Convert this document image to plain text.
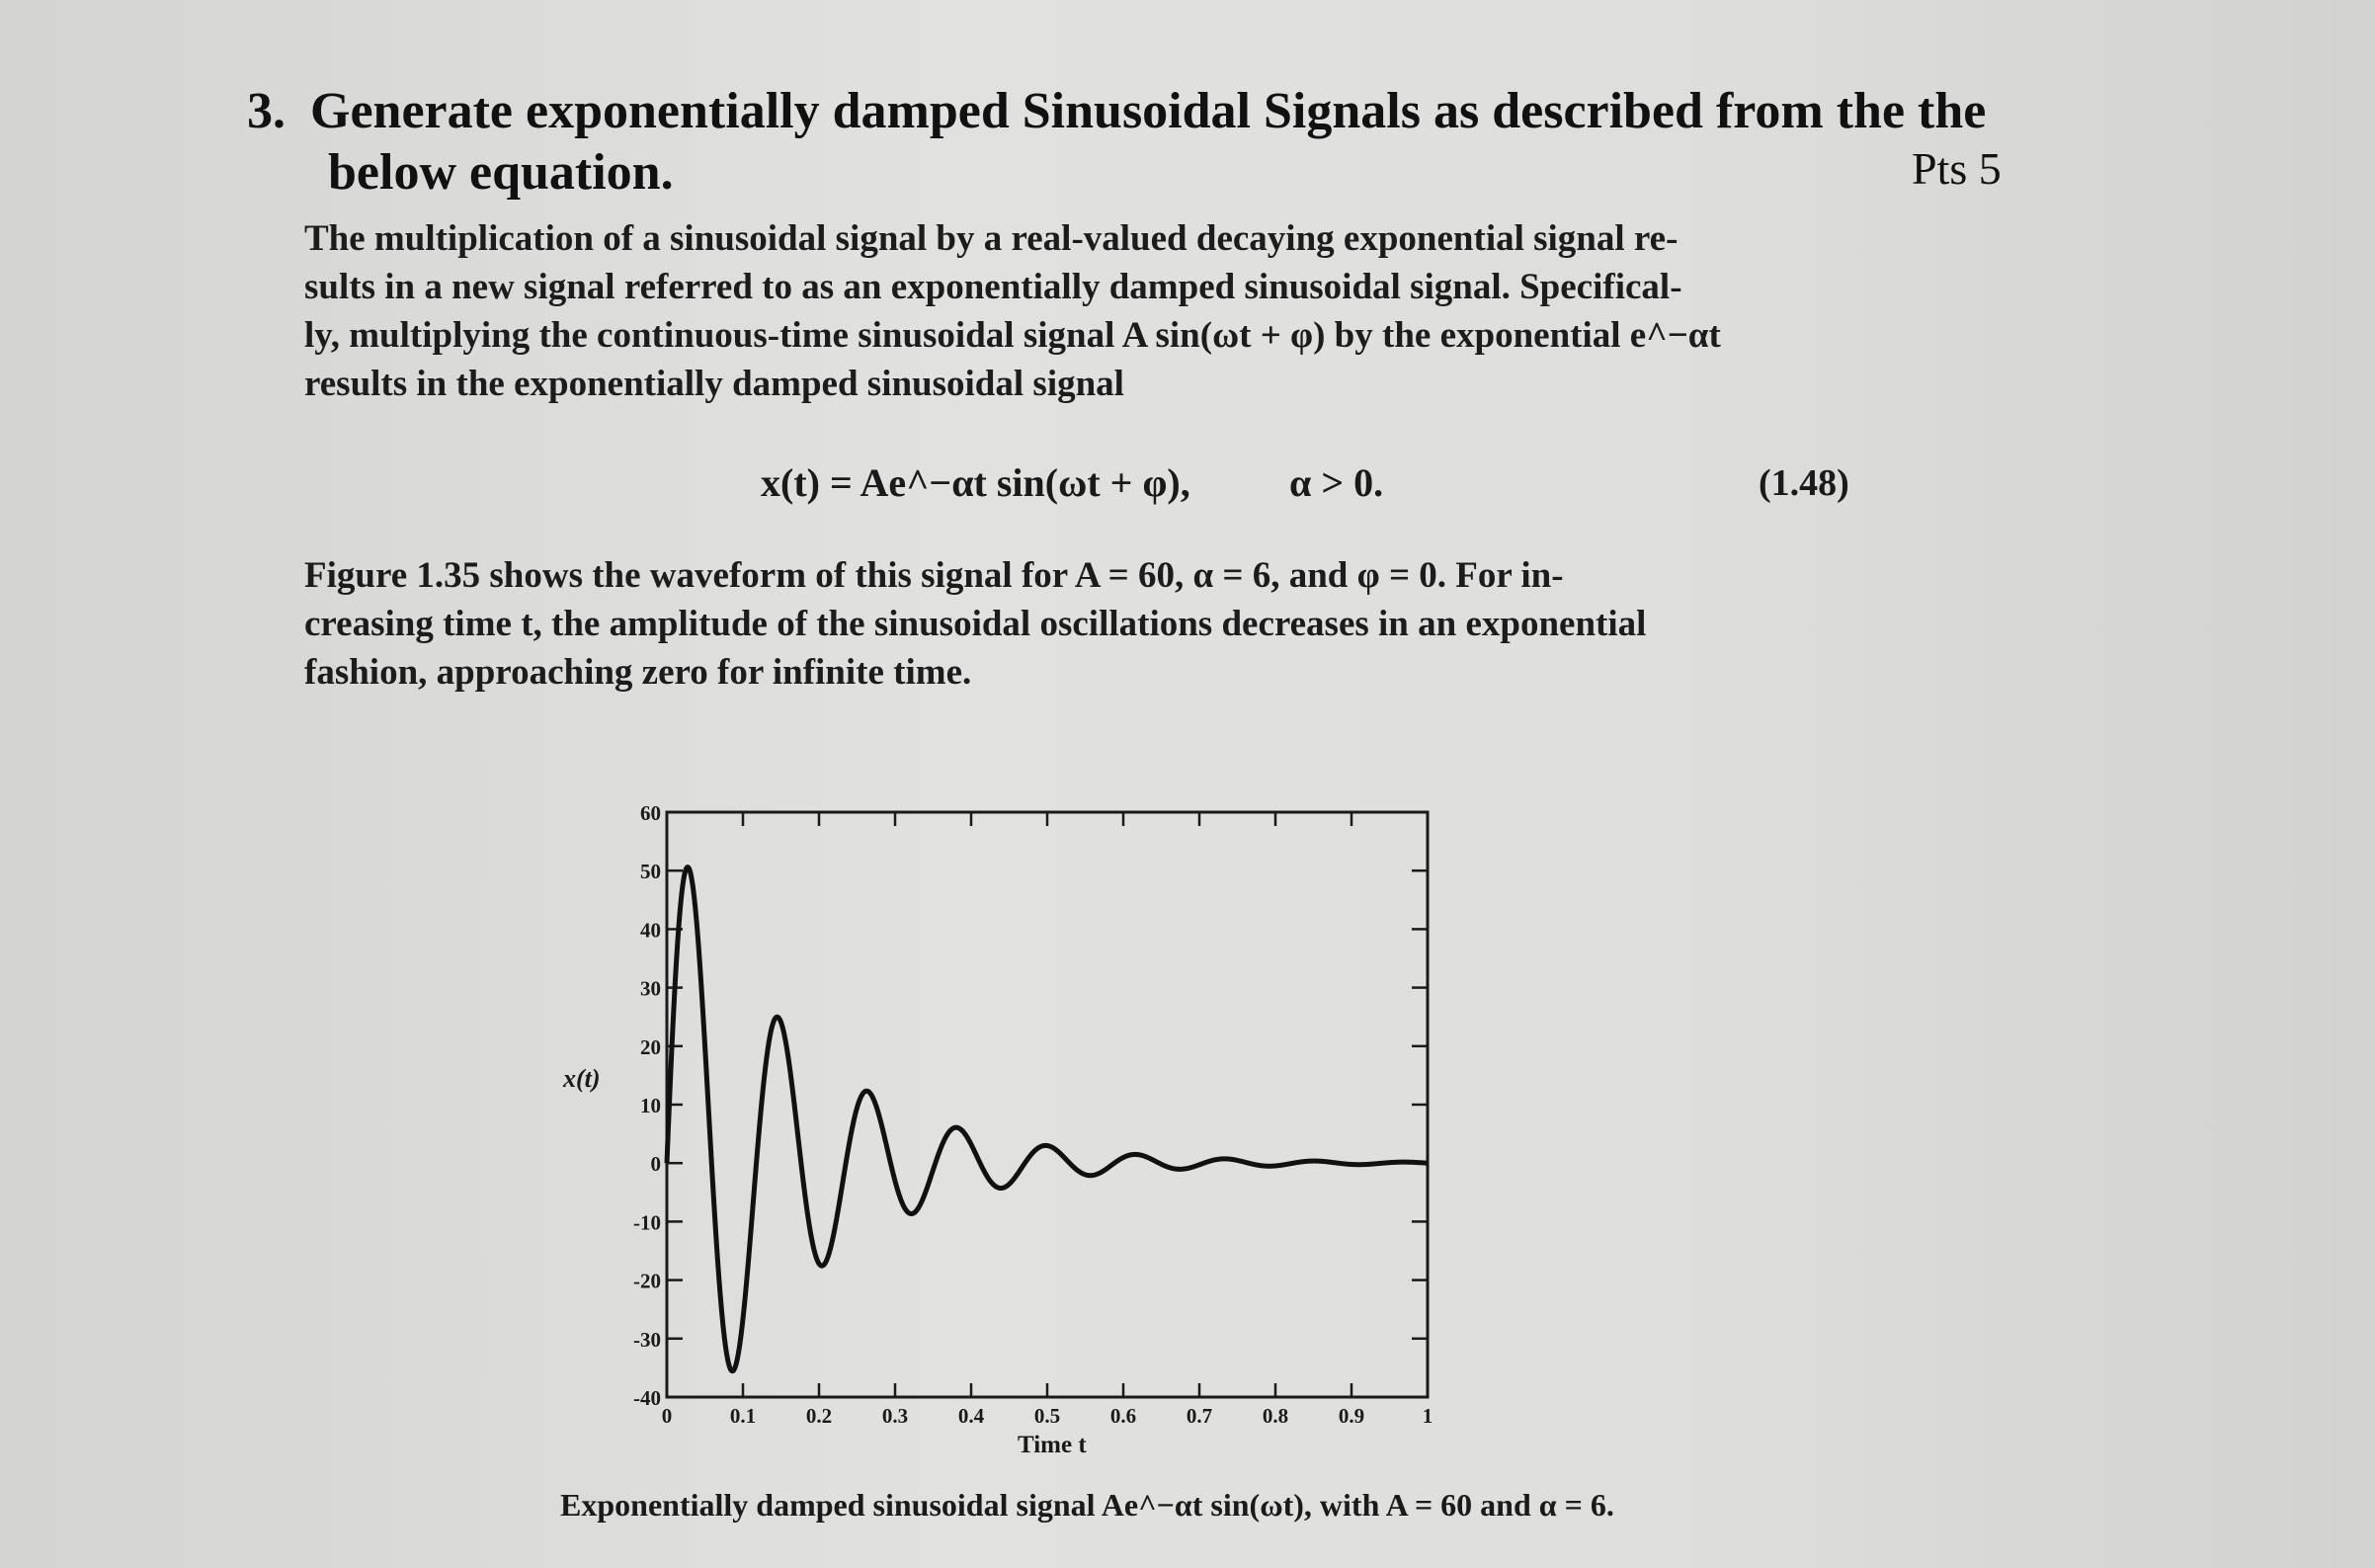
3. Generate exponentially damped Sinusoidal Signals as described from the the
below equation.	Pts 5
The multiplication of a sinusoidal signal by a real-valued decaying exponential signal re-
sults in a new signal referred to as an exponentially damped sinusoidal signal. Specifical-
ly, multiplying the continuous-time sinusoidal signal A sin(ωt + φ) by the exponential e^−αt
results in the exponentially damped sinusoidal signal
x(t) = Ae^−αt sin(ωt + φ),	α > 0.	(1.48)
Figure 1.35 shows the waveform of this signal for A = 60, α = 6, and φ = 0. For in-
creasing time t, the amplitude of the sinusoidal oscillations decreases in an exponential
fashion, approaching zero for infinite time.
0	0.1 0.2 0.3 0.4 0.5 0.6 0.7 0.8 0.9	1
60
50
40
30
20
10
0
-10
-20
-30
-40
x(t)
Time t
Exponentially damped sinusoidal signal Ae^−αt sin(ωt), with A = 60 and α = 6.
